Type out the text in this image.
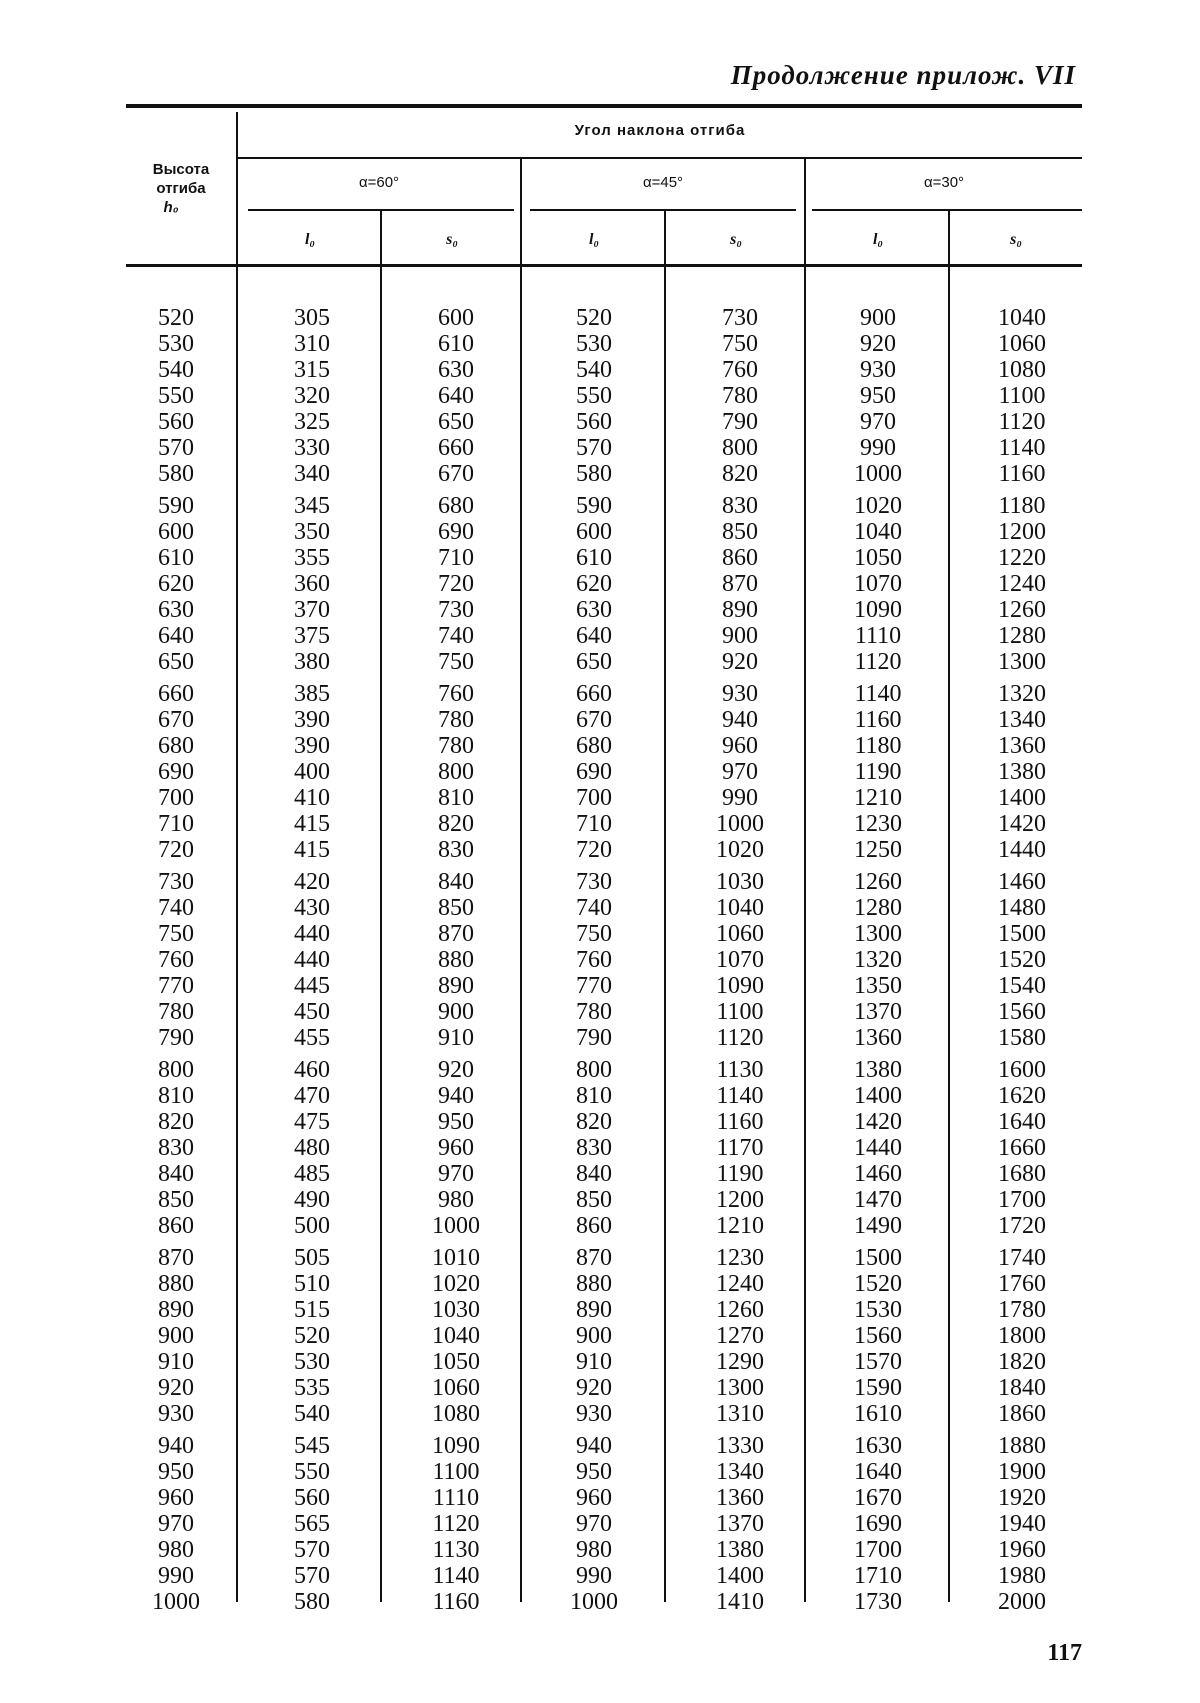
Продолжение прилож. VII
Высота
отгиба
h₀
Угол наклона отгиба
α=60°	α=45°	α=30°
l₀	s₀	l₀	s₀	l₀	s₀
520	305	600	520	730	900	1040
530	310	610	530	750	920	1060
540	315	630	540	760	930	1080
550	320	640	550	780	950	1100
560	325	650	560	790	970	1120
570	330	660	570	800	990	1140
580	340	670	580	820	1000	1160
590	345	680	590	830	1020	1180
600	350	690	600	850	1040	1200
610	355	710	610	860	1050	1220
620	360	720	620	870	1070	1240
630	370	730	630	890	1090	1260
640	375	740	640	900	1110	1280
650	380	750	650	920	1120	1300
660	385	760	660	930	1140	1320
670	390	780	670	940	1160	1340
680	390	780	680	960	1180	1360
690	400	800	690	970	1190	1380
700	410	810	700	990	1210	1400
710	415	820	710	1000	1230	1420
720	415	830	720	1020	1250	1440
730	420	840	730	1030	1260	1460
740	430	850	740	1040	1280	1480
750	440	870	750	1060	1300	1500
760	440	880	760	1070	1320	1520
770	445	890	770	1090	1350	1540
780	450	900	780	1100	1370	1560
790	455	910	790	1120	1360	1580
800	460	920	800	1130	1380	1600
810	470	940	810	1140	1400	1620
820	475	950	820	1160	1420	1640
830	480	960	830	1170	1440	1660
840	485	970	840	1190	1460	1680
850	490	980	850	1200	1470	1700
860	500	1000	860	1210	1490	1720
870	505	1010	870	1230	1500	1740
880	510	1020	880	1240	1520	1760
890	515	1030	890	1260	1530	1780
900	520	1040	900	1270	1560	1800
910	530	1050	910	1290	1570	1820
920	535	1060	920	1300	1590	1840
930	540	1080	930	1310	1610	1860
940	545	1090	940	1330	1630	1880
950	550	1100	950	1340	1640	1900
960	560	1110	960	1360	1670	1920
970	565	1120	970	1370	1690	1940
980	570	1130	980	1380	1700	1960
990	570	1140	990	1400	1710	1980
1000	580	1160	1000	1410	1730	2000
117
